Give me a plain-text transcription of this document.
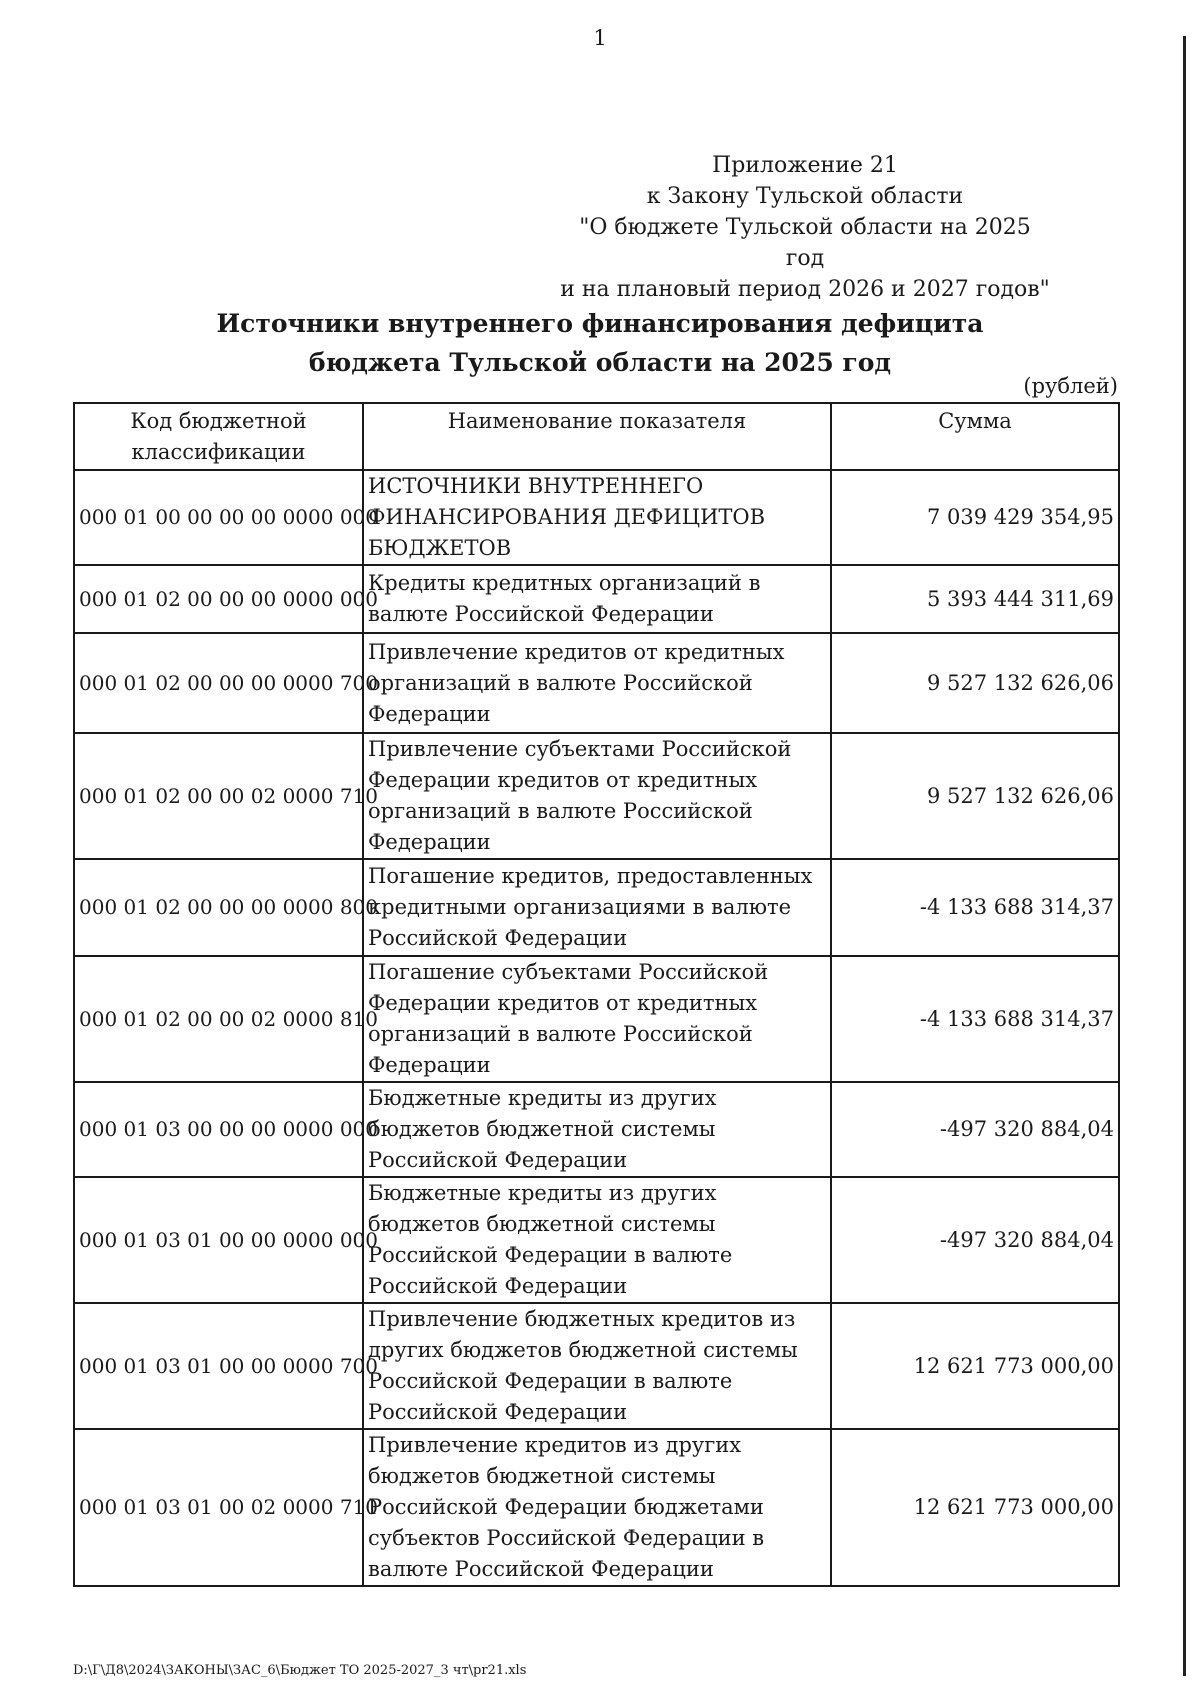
1
Приложение 21
к Закону Тульской области
"О бюджете Тульской области на 2025 год
и на плановый период 2026 и 2027 годов"
Источники внутреннего финансирования дефицита
бюджета Тульской области на 2025 год
(рублей)
Код бюджетной классификации	Наименование показателя	Сумма
000 01 00 00 00 00 0000 000	ИСТОЧНИКИ ВНУТРЕННЕГО ФИНАНСИРОВАНИЯ ДЕФИЦИТОВ БЮДЖЕТОВ	7 039 429 354,95
000 01 02 00 00 00 0000 000	Кредиты кредитных организаций в валюте Российской Федерации	5 393 444 311,69
000 01 02 00 00 00 0000 700	Привлечение кредитов от кредитных организаций в валюте Российской Федерации	9 527 132 626,06
000 01 02 00 00 02 0000 710	Привлечение субъектами Российской Федерации кредитов от кредитных организаций в валюте Российской Федерации	9 527 132 626,06
000 01 02 00 00 00 0000 800	Погашение кредитов, предоставленных кредитными организациями в валюте Российской Федерации	-4 133 688 314,37
000 01 02 00 00 02 0000 810	Погашение субъектами Российской Федерации кредитов от кредитных организаций в валюте Российской Федерации	-4 133 688 314,37
000 01 03 00 00 00 0000 000	Бюджетные кредиты из других бюджетов бюджетной системы Российской Федерации	-497 320 884,04
000 01 03 01 00 00 0000 000	Бюджетные кредиты из других бюджетов бюджетной системы Российской Федерации в валюте Российской Федерации	-497 320 884,04
000 01 03 01 00 00 0000 700	Привлечение бюджетных кредитов из других бюджетов бюджетной системы Российской Федерации в валюте Российской Федерации	12 621 773 000,00
000 01 03 01 00 02 0000 710	Привлечение кредитов из других бюджетов бюджетной системы Российской Федерации бюджетами субъектов Российской Федерации в валюте Российской Федерации	12 621 773 000,00
D:\Г\Д8\2024\ЗАКОНЫ\ЗАС_6\Бюджет ТО 2025-2027_3 чт\pr21.xls
